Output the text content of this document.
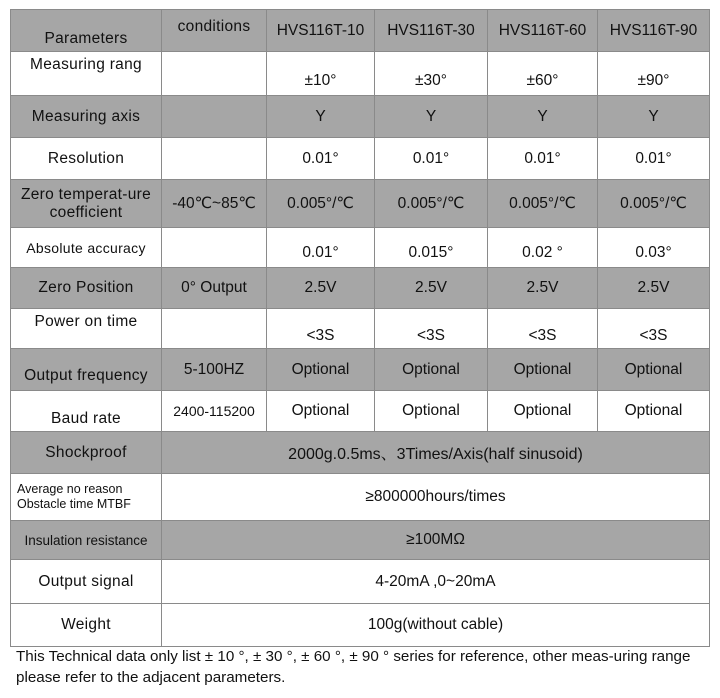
Parameters	conditions	HVS116T-10	HVS116T-30	HVS116T-60	HVS116T-90
Measuring rang		±10°	±30°	±60°	±90°
Measuring axis		Y	Y	Y	Y
Resolution		0.01°	0.01°	0.01°	0.01°
Zero temperat-ure coefficient	-40℃~85℃	0.005°/℃	0.005°/℃	0.005°/℃	0.005°/℃
Absolute accuracy		0.01°	0.015°	0.02 °	0.03°
Zero Position	0° Output	2.5V	2.5V	2.5V	2.5V
Power on time		<3S	<3S	<3S	<3S
Output frequency	5-100HZ	Optional	Optional	Optional	Optional
Baud rate	2400-115200	Optional	Optional	Optional	Optional
Shockproof	2000g.0.5ms、3Times/Axis(half sinusoid)				
Average no reason Obstacle time MTBF	≥800000hours/times				
Insulation resistance	≥100MΩ				
Output signal	4-20mA ,0~20mA				
Weight	100g(without cable)				
This Technical data only list ± 10 °, ± 30 °, ± 60 °, ± 90 ° series for reference, other meas-uring range please refer to the adjacent parameters.
